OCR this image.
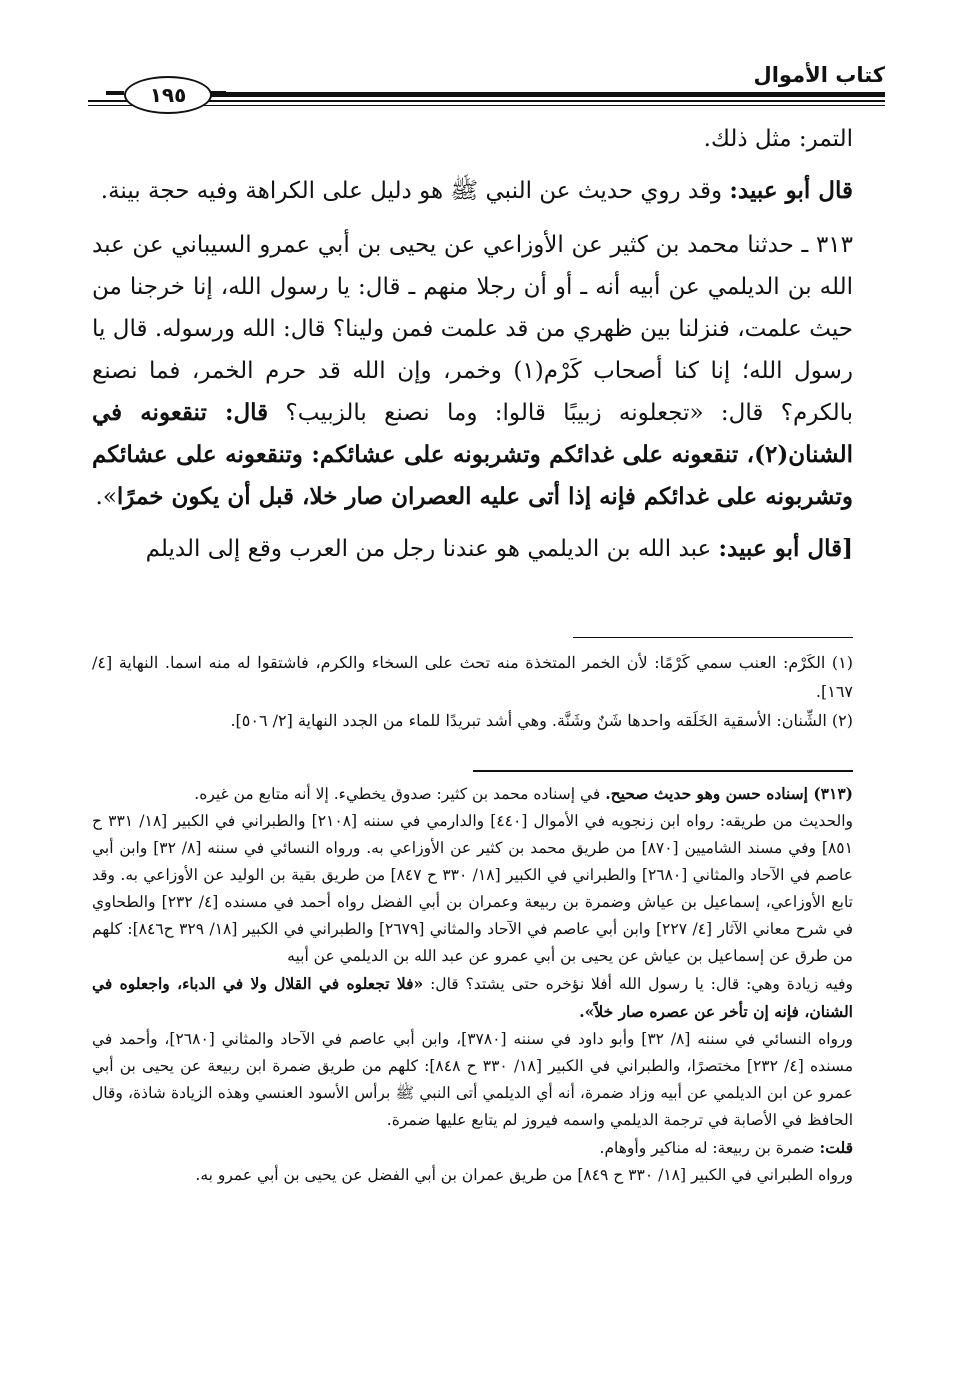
كتاب الأموال
١٩٥

التمر: مثل ذلك.

قال أبو عبيد: وقد روي حديث عن النبي ﷺ هو دليل على الكراهة وفيه حجة بينة.

٣١٣ ـ حدثنا محمد بن كثير عن الأوزاعي عن يحيى بن أبي عمرو السيباني عن عبد الله بن الديلمي عن أبيه أنه ـ أو أن رجلا منهم ـ قال: يا رسول الله، إنا خرجنا من حيث علمت، فنزلنا بين ظهري من قد علمت فمن ولينا؟ قال: الله ورسوله. قال يا رسول الله؛ إنا كنا أصحاب كَرْم(١) وخمر، وإن الله قد حرم الخمر، فما نصنع بالكرم؟ قال: «تجعلونه زبيبًا قالوا: وما نصنع بالزبيب؟ قال: تنقعونه في الشنان(٢)، تنقعونه على غدائكم وتشربونه على عشائكم: وتنقعونه على عشائكم وتشربونه على غدائكم فإنه إذا أتى عليه العصران صار خلا، قبل أن يكون خمرًا».

[قال أبو عبيد: عبد الله بن الديلمي هو عندنا رجل من العرب وقع إلى الديلم

(١) الكَرْم: العنب سمي كَرْمًا: لأن الخمر المتخذة منه تحث على السخاء والكرم، فاشتقوا له منه اسما. النهاية [٤/ ١٦٧].

(٢) الشِّنان: الأسقية الخَلَقه واحدها شَنٌ وشَنَّة. وهي أشد تبريدًا للماء من الجدد النهاية [٢/ ٥٠٦].

(٣١٣) إسناده حسن وهو حديث صحيح. في إسناده محمد بن كثير: صدوق يخطيء. إلا أنه متابع من غيره.

والحديث من طريقه: رواه ابن زنجويه في الأموال [٤٤٠] والدارمي في سننه [٢١٠٨] والطبراني في الكبير [١٨/ ٣٣١ ح ٨٥١] وفي مسند الشاميين [٨٧٠] من طريق محمد بن كثير عن الأوزاعي به. ورواه النسائي في سننه [٨/ ٣٢] وابن أبي عاصم في الآحاد والمثاني [٢٦٨٠] والطبراني في الكبير [١٨/ ٣٣٠ ح ٨٤٧] من طريق بقية بن الوليد عن الأوزاعي به. وقد تابع الأوزاعي، إسماعيل بن عياش وضمرة بن ربيعة وعمران بن أبي الفضل رواه أحمد في مسنده [٤/ ٢٣٢] والطحاوي في شرح معاني الآثار [٤/ ٢٢٧] وابن أبي عاصم في الآحاد والمثاني [٢٦٧٩] والطبراني في الكبير [١٨/ ٣٢٩ ح٨٤٦]: كلهم من طرق عن إسماعيل بن عياش عن يحيى بن أبي عمرو عن عبد الله بن الديلمي عن أبيه

وفيه زيادة وهي: قال: يا رسول الله أفلا نؤخره حتى يشتد؟ قال: «فلا تجعلوه في القلال ولا في الدباء، واجعلوه في الشنان، فإنه إن تأخر عن عصره صار خلاً».

ورواه النسائي في سننه [٨/ ٣٢] وأبو داود في سننه [٣٧٨٠]، وابن أبي عاصم في الآحاد والمثاني [٢٦٨٠]، وأحمد في مسنده [٤/ ٢٣٢] مختصرًا، والطبراني في الكبير [١٨/ ٣٣٠ ح ٨٤٨]: كلهم من طريق ضمرة ابن ربيعة عن يحيى بن أبي عمرو عن ابن الديلمي عن أبيه وزاد ضمرة، أنه أي الديلمي أتى النبي ﷺ برأس الأسود العنسي وهذه الزيادة شاذة، وقال الحافظ في الأصابة في ترجمة الديلمي واسمه فيروز لم يتابع عليها ضمرة.

قلت: ضمرة بن ربيعة: له مناكير وأوهام.

ورواه الطبراني في الكبير [١٨/ ٣٣٠ ح ٨٤٩] من طريق عمران بن أبي الفضل عن يحيى بن أبي عمرو به.
